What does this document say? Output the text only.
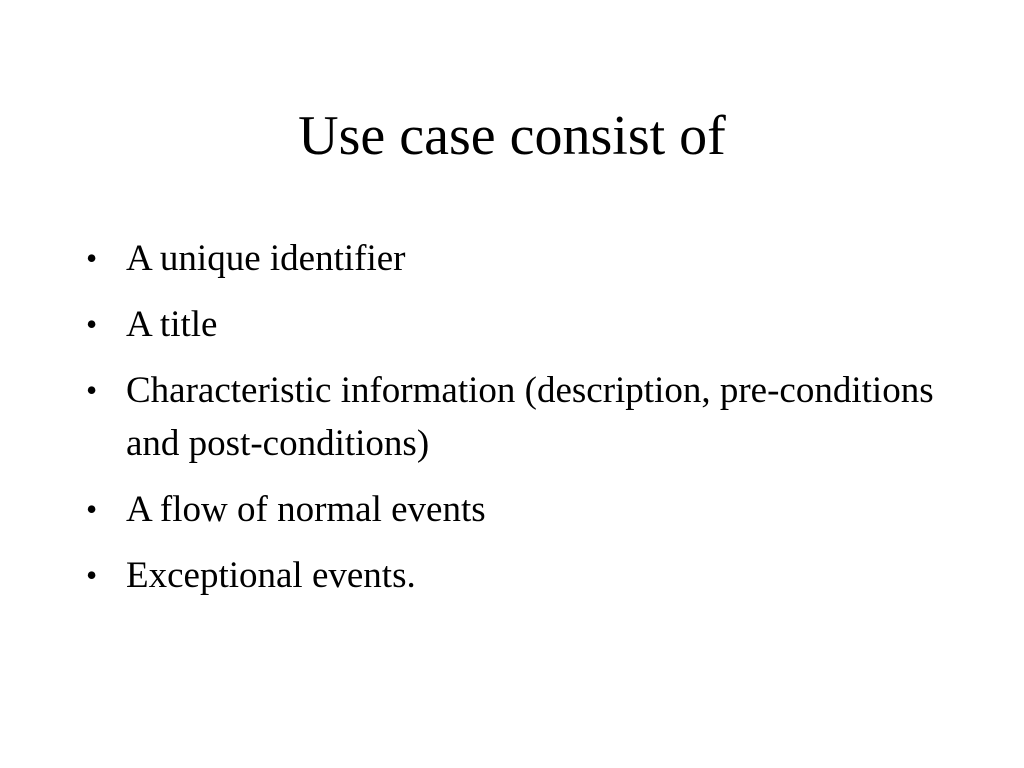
Use case consist of
• A unique identifier
• A title
• Characteristic information (description, pre-conditions and post-conditions)
• A flow of normal events
• Exceptional events.
